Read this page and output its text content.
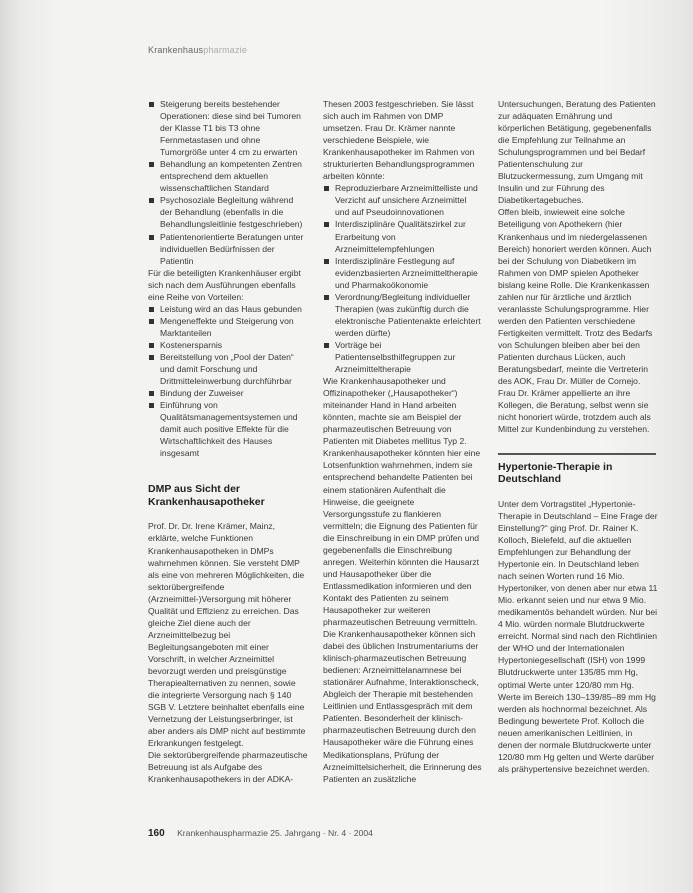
Krankenhauspharmazie
Steigerung bereits bestehender Operationen: diese sind bei Tumoren der Klasse T1 bis T3 ohne Fernmetastasen und ohne Tumorgröße unter 4 cm zu erwarten
Behandlung an kompetenten Zentren entsprechend dem aktuellen wissenschaftlichen Standard
Psychosoziale Begleitung während der Behandlung (ebenfalls in die Behandlungsleitlinie festgeschrieben)
Patientenorientierte Beratungen unter individuellen Bedürfnissen der Patientin

Für die beteiligten Krankenhäuser ergibt sich nach dem Ausführungen ebenfalls eine Reihe von Vorteilen:

Leistung wird an das Haus gebunden
Mengeneffekte und Steigerung von Marktanteilen
Kostenersparnis
Bereitstellung von „Pool der Daten“ und damit Forschung und Drittmitteleinwerbung durchführbar
Bindung der Zuweiser
Einführung von Qualitätsmanagementsystemen und damit auch positive Effekte für die Wirtschaftlichkeit des Hauses insgesamt
DMP aus Sicht der Krankenhausapotheker

Prof. Dr. Dr. Irene Krämer, Mainz, erklärte, welche Funktionen Krankenhausapotheken in DMPs wahrnehmen können. Sie versteht DMP als eine von mehreren Möglichkeiten, die sektorübergreifende (Arzneimittel-)Versorgung mit höherer Qualität und Effizienz zu erreichen. Das gleiche Ziel diene auch der Arzneimittelbezug bei Begleitungsangeboten mit einer Vorschrift, in welcher Arzneimittel bevorzugt werden und preisgünstige Therapiealternativen zu nennen, sowie die integrierte Versorgung nach § 140 SGB V. Letztere beinhaltet ebenfalls eine Vernetzung der Leistungserbringer, ist aber anders als DMP nicht auf bestimmte Erkrankungen festgelegt.

Die sektorübergreifende pharmazeutische Betreuung ist als Aufgabe des Krankenhausapothekers in der ADKA-

Thesen 2003 festgeschrieben. Sie lässt sich auch im Rahmen von DMP umsetzen. Frau Dr. Krämer nannte verschiedene Beispiele, wie Krankenhausapotheker im Rahmen von strukturierten Behandlungsprogrammen arbeiten könnte:

Reproduzierbare Arzneimittelliste und Verzicht auf unsichere Arzneimittel und auf Pseudoinnovationen
Interdisziplinäre Qualitätszirkel zur Erarbeitung von Arzneimittelempfehlungen
Interdisziplinäre Festlegung auf evidenzbasierten Arzneimitteltherapie und Pharmakoökonomie
Verordnung/Begleitung individueller Therapien (was zukünftig durch die elektronische Patientenakte erleichtert werden dürfte)
Vorträge bei Patientenselbsthilfegruppen zur Arzneimitteltherapie

Wie Krankenhausapotheker und Offizinapotheker („Hausapotheker“) miteinander Hand in Hand arbeiten könnten, machte sie am Beispiel der pharmazeutischen Betreuung von Patienten mit Diabetes mellitus Typ 2. Krankenhausapotheker könnten hier eine Lotsenfunktion wahrnehmen, indem sie entsprechend behandelte Patienten bei einem stationären Aufenthalt die Hinweise, die geeignete Versorgungsstufe zu flankieren vermitteln; die Eignung des Patienten für die Einschreibung in ein DMP prüfen und gegebenenfalls die Einschreibung anregen. Weiterhin könnten die Hausarzt und Hausapotheker über die Entlassmedikation informieren und den Kontakt des Patienten zu seinem Hausapotheker zur weiteren pharmazeutischen Betreuung vermitteln. Die Krankenhausapotheker können sich dabei des üblichen Instrumentariums der klinisch-pharmazeutischen Betreuung bedienen: Arzneimittelanamnese bei stationärer Aufnahme, Interaktionscheck, Abgleich der Therapie mit bestehenden Leitlinien und Entlassgespräch mit dem Patienten. Besonderheit der klinisch-pharmazeutischen Betreuung durch den Hausapotheker wäre die Führung eines Medikationsplans, Prüfung der Arzneimittelsicherheit, die Erinnerung des Patienten an zusätzliche

Untersuchungen, Beratung des Patienten zur adäquaten Ernährung und körperlichen Betätigung, gegebenenfalls die Empfehlung zur Teilnahme an Schulungsprogrammen und bei Bedarf Patientenschulung zur Blutzuckermessung, zum Umgang mit Insulin und zur Führung des Diabetikertagebuches.

Offen bleib, inwieweit eine solche Beteiligung von Apothekern (hier Krankenhaus und im niedergelassenen Bereich) honoriert werden können. Auch bei der Schulung von Diabetikern im Rahmen von DMP spielen Apotheker bislang keine Rolle. Die Krankenkassen zahlen nur für ärztliche und ärztlich veranlasste Schulungsprogramme. Hier werden den Patienten verschiedene Fertigkeiten vermittelt. Trotz des Bedarfs von Schulungen bleiben aber bei den Patienten durchaus Lücken, auch Beratungsbedarf, meinte die Vertreterin des AOK, Frau Dr. Müller de Cornejo. Frau Dr. Krämer appellierte an ihre Kollegen, die Beratung, selbst wenn sie nicht honoriert würde, trotzdem auch als Mittel zur Kundenbindung zu verstehen.

Hypertonie-Therapie in Deutschland

Unter dem Vortragstitel „Hypertonie-Therapie in Deutschland – Eine Frage der Einstellung?“ ging Prof. Dr. Rainer K. Kolloch, Bielefeld, auf die aktuellen Empfehlungen zur Behandlung der Hypertonie ein. In Deutschland leben nach seinen Worten rund 16 Mio. Hypertoniker, von denen aber nur etwa 11 Mio. erkannt seien und nur etwa 9 Mio. medikamentös behandelt würden. Nur bei 4 Mio. würden normale Blutdruckwerte erreicht. Normal sind nach den Richtlinien der WHO und der Internationalen Hypertoniegesellschaft (ISH) von 1999 Blutdruckwerte unter 135/85 mm Hg, optimal Werte unter 120/80 mm Hg. Werte im Bereich 130–139/85–89 mm Hg werden als hochnormal bezeichnet. Als Bedingung bewertete Prof. Kolloch die neuen amerikanischen Leitlinien, in denen der normale Blutdruckwerte unter 120/80 mm Hg gelten und Werte darüber als prähypertensive bezeichnet werden.

160 Krankenhauspharmazie 25. Jahrgang · Nr. 4 · 2004
